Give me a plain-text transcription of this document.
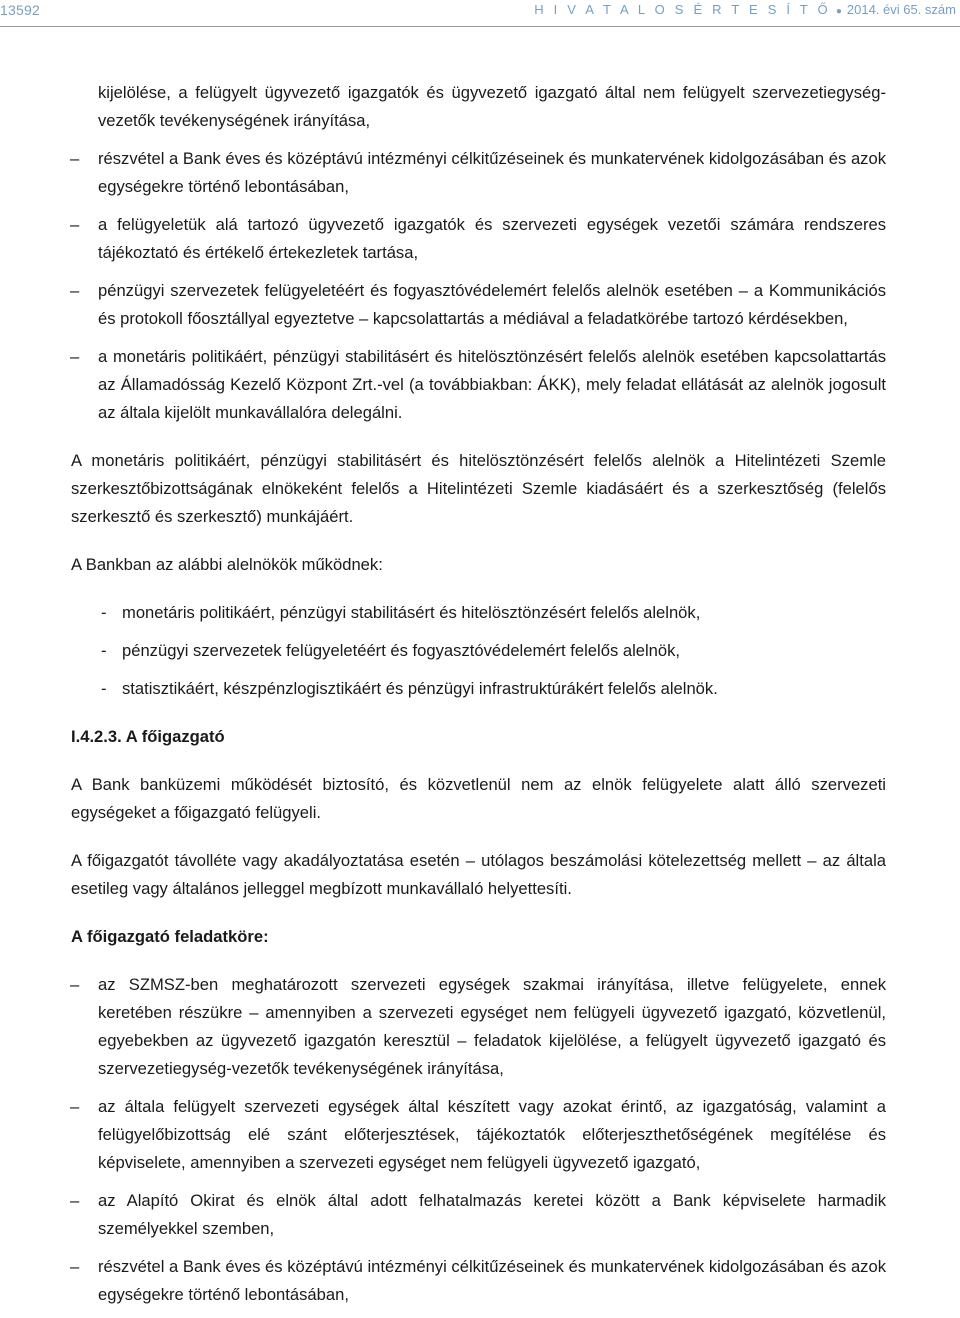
13592	H I V A T A L O S É R T E S Í T Ő ● 2014. évi 65. szám

kijelölése, a felügyelt ügyvezető igazgatók és ügyvezető igazgató által nem felügyelt szervezetiegység-vezetők tevékenységének irányítása,

– részvétel a Bank éves és középtávú intézményi célkitűzéseinek és munkatervének kidolgozásában és azok egységekre történő lebontásában,
– a felügyeletük alá tartozó ügyvezető igazgatók és szervezeti egységek vezetői számára rendszeres tájékoztató és értékelő értekezletek tartása,
– pénzügyi szervezetek felügyeletéért és fogyasztóvédelemért felelős alelnök esetében – a Kommunikációs és protokoll főosztállyal egyeztetve – kapcsolattartás a médiával a feladatkörébe tartozó kérdésekben,
– a monetáris politikáért, pénzügyi stabilitásért és hitelösztönzésért felelős alelnök esetében kapcsolattartás az Államadósság Kezelő Központ Zrt.-vel (a továbbiakban: ÁKK), mely feladat ellátását az alelnök jogosult az általa kijelölt munkavállalóra delegálni.

A monetáris politikáért, pénzügyi stabilitásért és hitelösztönzésért felelős alelnök a Hitelintézeti Szemle szerkesztőbizottságának elnökeként felelős a Hitelintézeti Szemle kiadásáért és a szerkesztőség (felelős szerkesztő és szerkesztő) munkájáért.

A Bankban az alábbi alelnökök működnek:

- monetáris politikáért, pénzügyi stabilitásért és hitelösztönzésért felelős alelnök,
- pénzügyi szervezetek felügyeletéért és fogyasztóvédelemért felelős alelnök,
- statisztikáért, készpénzlogisztikáért és pénzügyi infrastruktúrákért felelős alelnök.

I.4.2.3. A főigazgató

A Bank banküzemi működését biztosító, és közvetlenül nem az elnök felügyelete alatt álló szervezeti egységeket a főigazgató felügyeli.

A főigazgatót távolléte vagy akadályoztatása esetén – utólagos beszámolási kötelezettség mellett – az általa esetileg vagy általános jelleggel megbízott munkavállaló helyettesíti.

A főigazgató feladatköre:

– az SZMSZ-ben meghatározott szervezeti egységek szakmai irányítása, illetve felügyelete, ennek keretében részükre – amennyiben a szervezeti egységet nem felügyeli ügyvezető igazgató, közvetlenül, egyebekben az ügyvezető igazgatón keresztül – feladatok kijelölése, a felügyelt ügyvezető igazgató és szervezetiegység-vezetők tevékenységének irányítása,
– az általa felügyelt szervezeti egységek által készített vagy azokat érintő, az igazgatóság, valamint a felügyelőbizottság elé szánt előterjesztések, tájékoztatók előterjeszthetőségének megítélése és képviselete, amennyiben a szervezeti egységet nem felügyeli ügyvezető igazgató,
– az Alapító Okirat és elnök által adott felhatalmazás keretei között a Bank képviselete harmadik személyekkel szemben,
– részvétel a Bank éves és középtávú intézményi célkitűzéseinek és munkatervének kidolgozásában és azok egységekre történő lebontásában,
